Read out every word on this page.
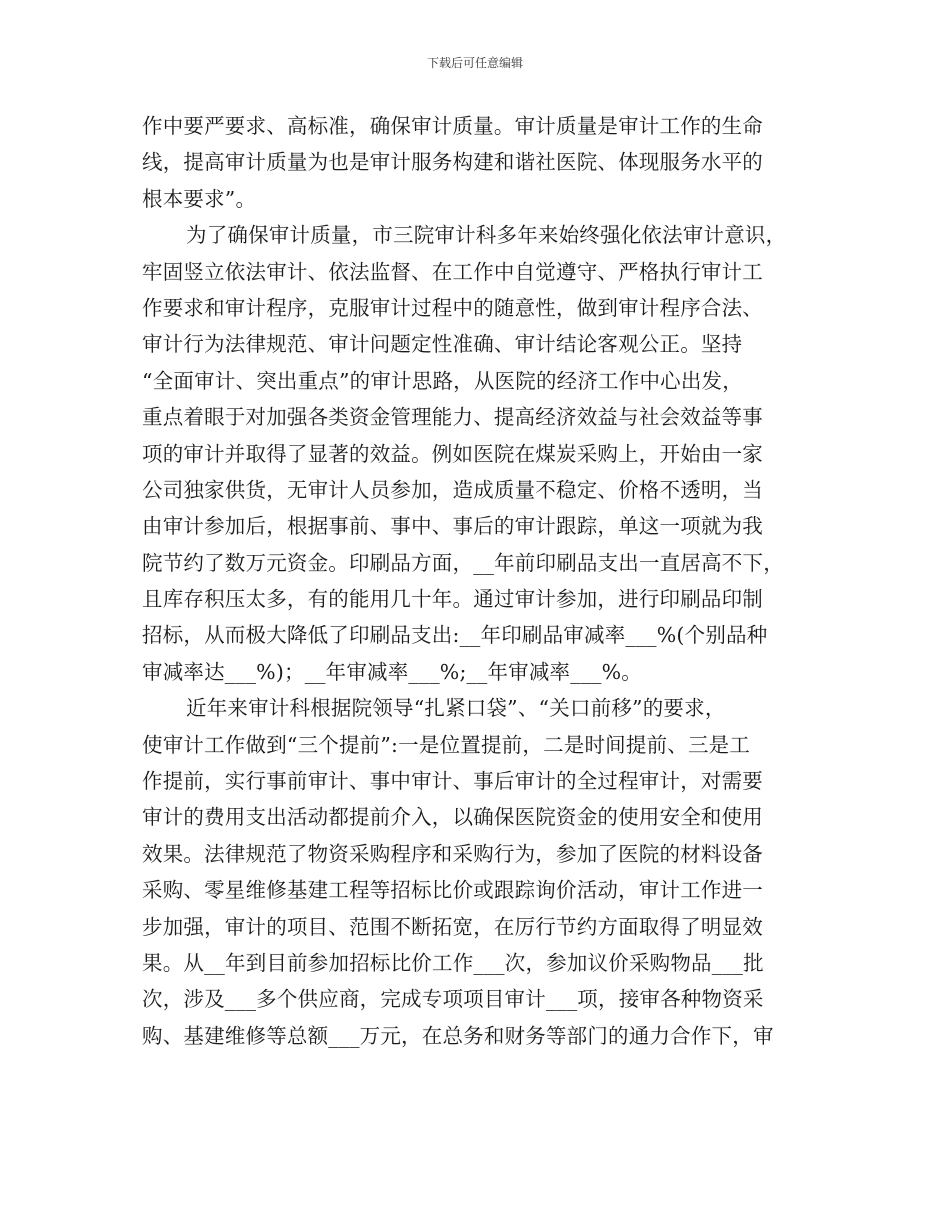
下载后可任意编辑
作中要严要求、高标准，确保审计质量。审计质量是审计工作的生命
线，提高审计质量为也是审计服务构建和谐社医院、体现服务水平的
根本要求”。
为了确保审计质量，市三院审计科多年来始终强化依法审计意识，
牢固竖立依法审计、依法监督、在工作中自觉遵守、严格执行审计工
作要求和审计程序，克服审计过程中的随意性，做到审计程序合法、
审计行为法律规范、审计问题定性准确、审计结论客观公正。坚持
“全面审计、突出重点”的审计思路，从医院的经济工作中心出发，
重点着眼于对加强各类资金管理能力、提高经济效益与社会效益等事
项的审计并取得了显著的效益。例如医院在煤炭采购上，开始由一家
公司独家供货，无审计人员参加，造成质量不稳定、价格不透明，当
由审计参加后，根据事前、事中、事后的审计跟踪，单这一项就为我
院节约了数万元资金。印刷品方面，__年前印刷品支出一直居高不下，
且库存积压太多，有的能用几十年。通过审计参加，进行印刷品印制
招标，从而极大降低了印刷品支出:__年印刷品审减率___%(个别品种
审减率达___%)；__年审减率___%;__年审减率___%。
近年来审计科根据院领导“扎紧口袋”、“关口前移”的要求，
使审计工作做到“三个提前”:一是位置提前，二是时间提前、三是工
作提前，实行事前审计、事中审计、事后审计的全过程审计，对需要
审计的费用支出活动都提前介入，以确保医院资金的使用安全和使用
效果。法律规范了物资采购程序和采购行为，参加了医院的材料设备
采购、零星维修基建工程等招标比价或跟踪询价活动，审计工作进一
步加强，审计的项目、范围不断拓宽，在厉行节约方面取得了明显效
果。从__年到目前参加招标比价工作___次，参加议价采购物品___批
次，涉及___多个供应商，完成专项项目审计___项，接审各种物资采
购、基建维修等总额___万元，在总务和财务等部门的通力合作下，审
